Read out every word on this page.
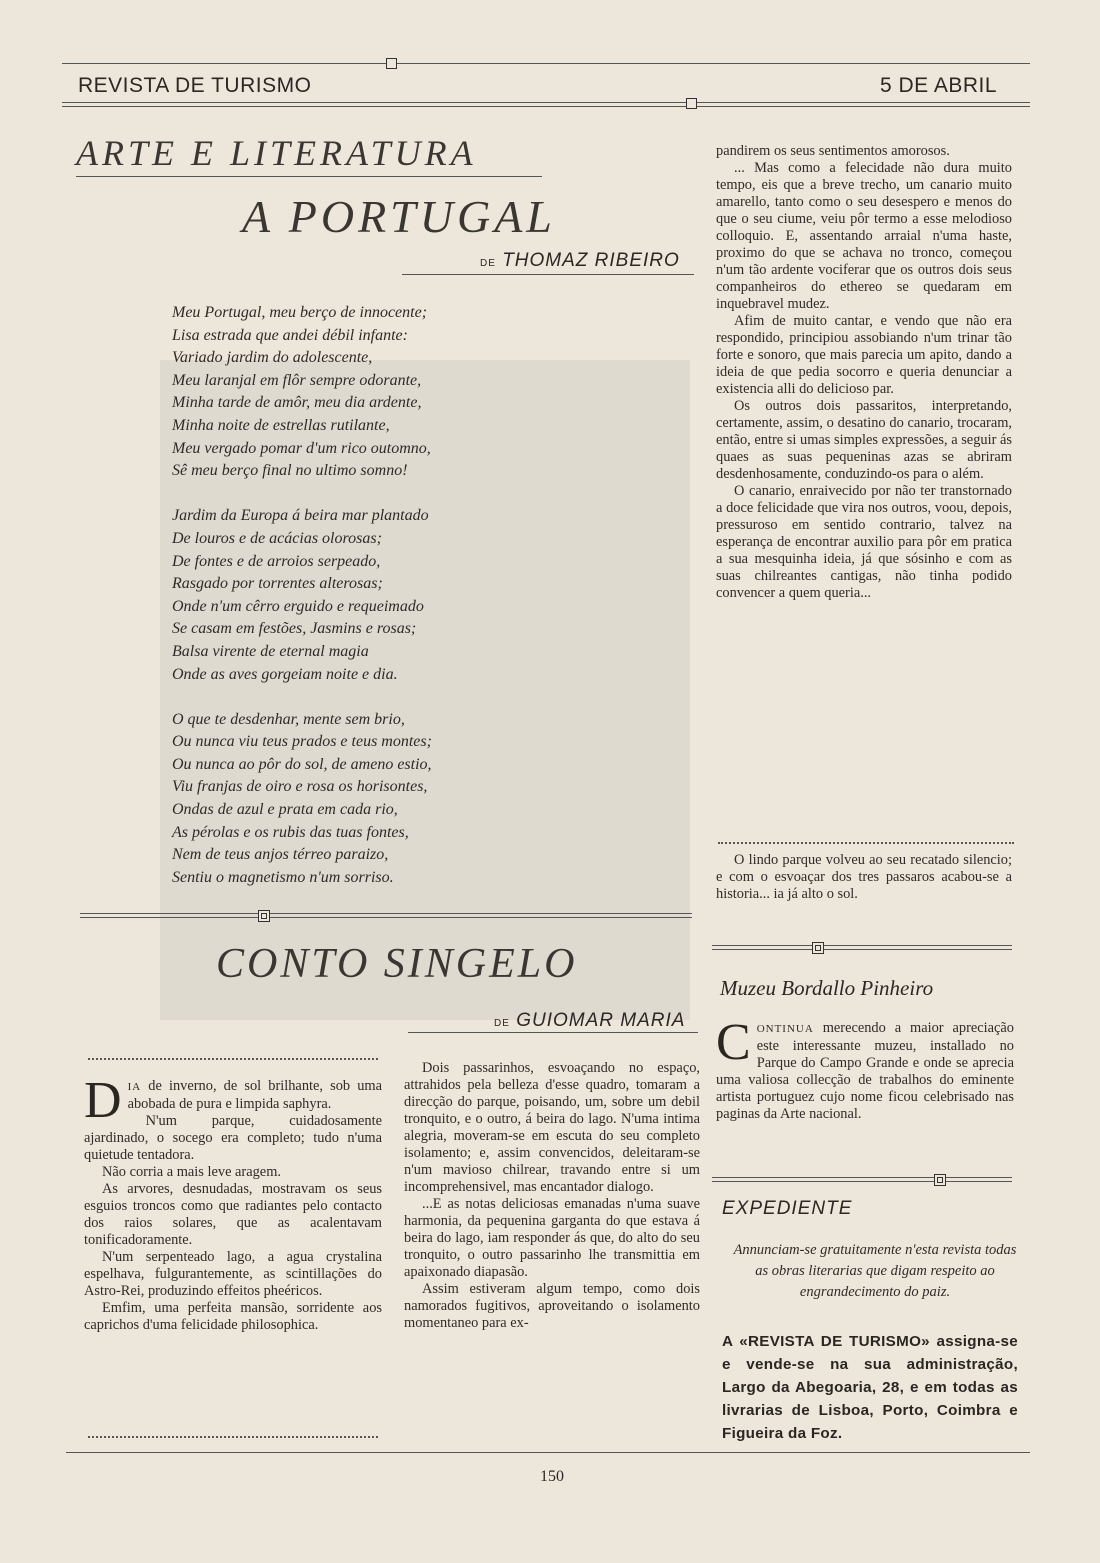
REVISTA DE TURISMO	5 DE ABRIL
ARTE E LITERATURA
A PORTUGAL
DE THOMAZ RIBEIRO
Meu Portugal, meu berço de innocente;
Lisa estrada que andei débil infante:
Variado jardim do adolescente,
Meu laranjal em flôr sempre odorante,
Minha tarde de amôr, meu dia ardente,
Minha noite de estrellas rutilante,
Meu vergado pomar d'um rico outomno,
Sê meu berço final no ultimo somno!
Jardim da Europa á beira mar plantado
De louros e de acácias olorosas;
De fontes e de arroios serpeado,
Rasgado por torrentes alterosas;
Onde n'um cêrro erguido e requeimado
Se casam em festões, Jasmins e rosas;
Balsa virente de eternal magia
Onde as aves gorgeiam noite e dia.
O que te desdenhar, mente sem brio,
Ou nunca viu teus prados e teus montes;
Ou nunca ao pôr do sol, de ameno estio,
Viu franjas de oiro e rosa os horisontes,
Ondas de azul e prata em cada rio,
As pérolas e os rubis das tuas fontes,
Nem de teus anjos térreo paraizo,
Sentiu o magnetismo n'um sorriso.
CONTO SINGELO
DE GUIOMAR MARIA

DIA de inverno, de sol brilhante, sob uma abobada de pura e limpida saphyra.

N'um parque, cuidadosamente ajardinado, o socego era completo; tudo n'uma quietude tentadora.

Não corria a mais leve aragem.

As arvores, desnudadas, mostravam os seus esguios troncos como que radiantes pelo contacto dos raios solares, que as acalentavam tonificadoramente.

N'um serpenteado lago, a agua crystalina espelhava, fulgurantemente, as scintillações do Astro-Rei, produzindo effeitos pheéricos.

Emfim, uma perfeita mansão, sorridente aos caprichos d'uma felicidade philosophica.

Dois passarinhos, esvoaçando no espaço, attrahidos pela belleza d'esse quadro, tomaram a direcção do parque, poisando, um, sobre um debil tronquito, e o outro, á beira do lago. N'uma intima alegria, moveram-se em escuta do seu completo isolamento; e, assim convencidos, deleitaram-se n'um mavioso chilrear, travando entre si um incomprehensivel, mas encantador dialogo.

...E as notas deliciosas emanadas n'uma suave harmonia, da pequenina garganta do que estava á beira do lago, iam responder ás que, do alto do seu tronquito, o outro passarinho lhe transmittia em apaixonado diapasão.

Assim estiveram algum tempo, como dois namorados fugitivos, aproveitando o isolamento momentaneo para ex-

pandirem os seus sentimentos amorosos.

... Mas como a felecidade não dura muito tempo, eis que a breve trecho, um canario muito amarello, tanto como o seu desespero e menos do que o seu ciume, veiu pôr termo a esse melodioso colloquio. E, assentando arraial n'uma haste, proximo do que se achava no tronco, começou n'um tão ardente vociferar que os outros dois seus companheiros do ethereo se quedaram em inquebravel mudez.

Afim de muito cantar, e vendo que não era respondido, principiou assobiando n'um trinar tão forte e sonoro, que mais parecia um apito, dando a ideia de que pedia socorro e queria denunciar a existencia alli do delicioso par.

Os outros dois passaritos, interpretando, certamente, assim, o desatino do canario, trocaram, então, entre si umas simples expressões, a seguir ás quaes as suas pequeninas azas se abriram desdenhosamente, conduzindo-os para o além.

O canario, enraivecido por não ter transtornado a doce felicidade que vira nos outros, voou, depois, pressuroso em sentido contrario, talvez na esperança de encontrar auxilio para pôr em pratica a sua mesquinha ideia, já que sósinho e com as suas chilreantes cantigas, não tinha podido convencer a quem queria...

O lindo parque volveu ao seu recatado silencio; e com o esvoaçar dos tres passaros acabou-se a historia... ia já alto o sol.

Muzeu Bordallo Pinheiro

CONTINUA merecendo a maior apreciação este interessante muzeu, installado no Parque do Campo Grande e onde se aprecia uma valiosa collecção de trabalhos do eminente artista portuguez cujo nome ficou celebrisado nas paginas da Arte nacional.

EXPEDIENTE
Annunciam-se gratuitamente n'esta revista todas as obras literarias que digam respeito ao engrandecimento do paiz.
A «REVISTA DE TURISMO» assigna-se e vende-se na sua administração, Largo da Abegoaria, 28, e em todas as livrarias de Lisboa, Porto, Coimbra e Figueira da Foz.
150
